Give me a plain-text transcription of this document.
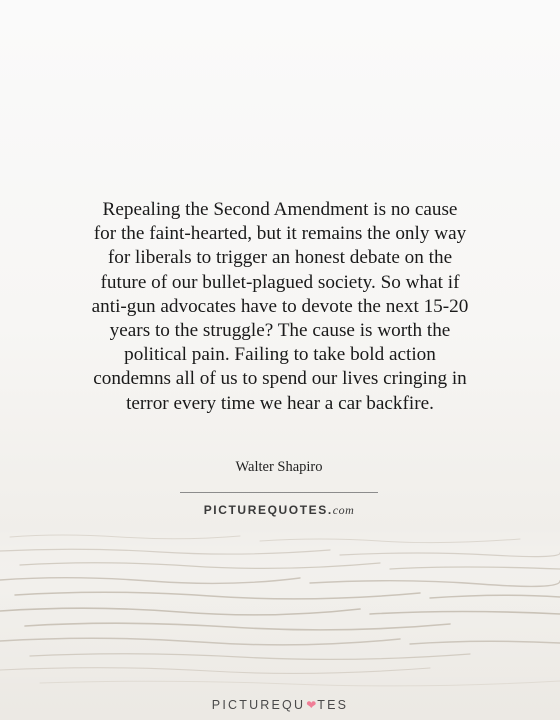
Repealing the Second Amendment is no cause
for the faint-hearted, but it remains the only way
for liberals to trigger an honest debate on the
future of our bullet-plagued society. So what if
anti-gun advocates have to devote the next 15-20
years to the struggle? The cause is worth the
political pain. Failing to take bold action
condemns all of us to spend our lives cringing in
terror every time we hear a car backfire.

Walter Shapiro
PICTUREQUOTES.com
PICTUREQU❤TES
